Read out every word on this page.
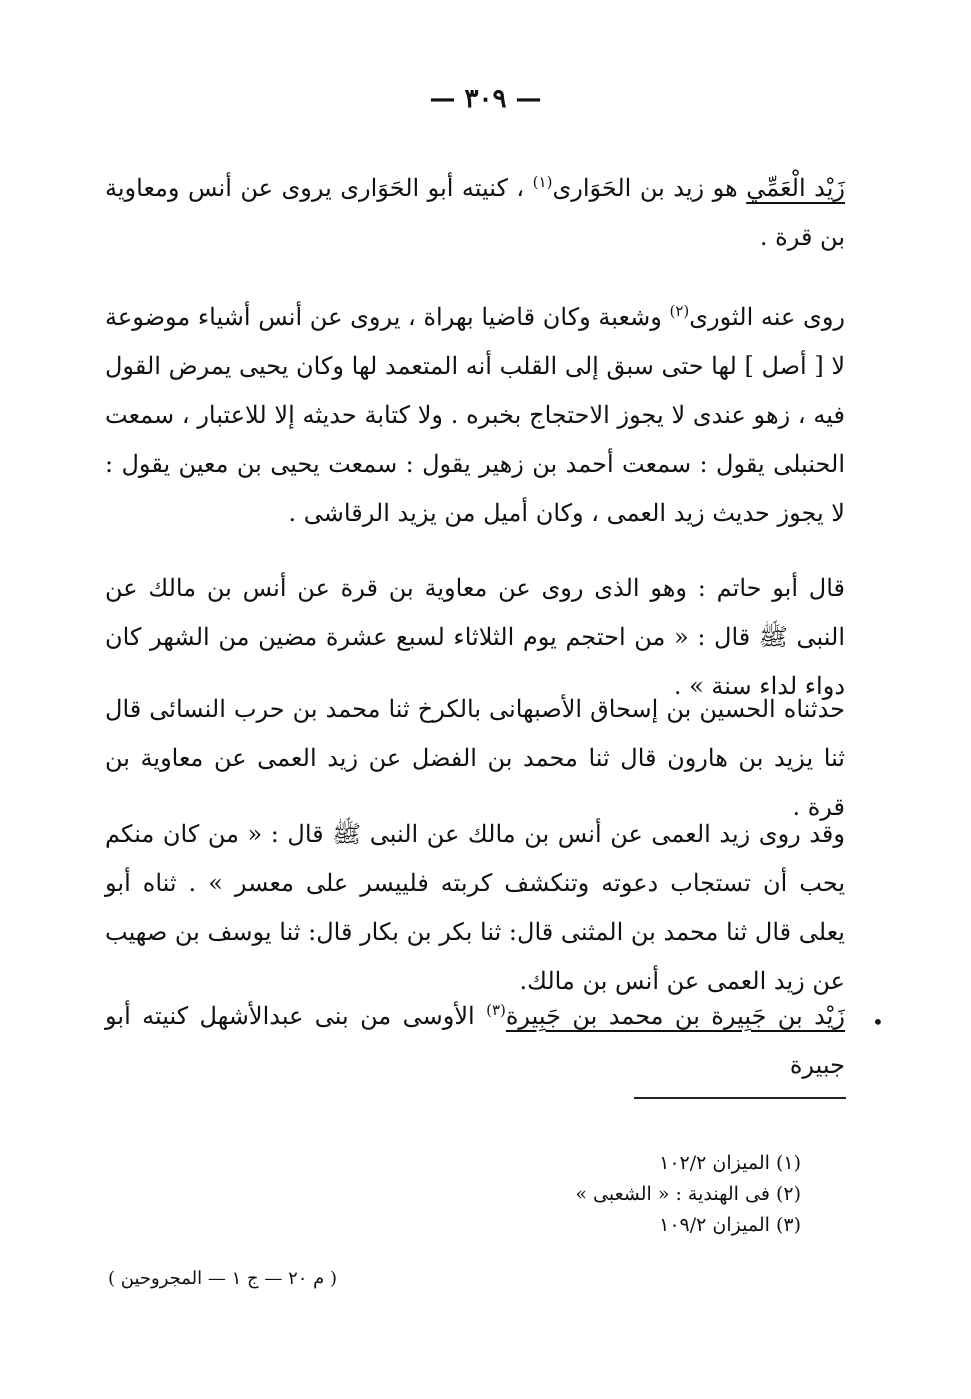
— ٣٠٩ —

زَيْد الْعَمِّي هو زيد بن الحَوَارى$^{(١)}$ ، كنيته أبو الحَوَارى يروى عن أنس ومعاوية بن قرة .

روى عنه الثورى$^{(٢)}$ وشعبة وكان قاضيا بهراة ، يروى عن أنس أشياء موضوعة لا [ أصل ] لها حتى سبق إلى القلب أنه المتعمد لها وكان يحيى يمرض القول فيه ، زهو عندى لا يجوز الاحتجاج بخبره . ولا كتابة حديثه إلا للاعتبار ، سمعت الحنبلى يقول : سمعت أحمد بن زهير يقول : سمعت يحيى بن معين يقول : لا يجوز حديث زيد العمى ، وكان أميل من يزيد الرقاشى .

قال أبو حاتم : وهو الذى روى عن معاوية بن قرة عن أنس بن مالك عن النبى ﷺ قال : « من احتجم يوم الثلاثاء لسبع عشرة مضين من الشهر كان دواء لداء سنة » .

حدثناه الحسين بن إسحاق الأصبهانى بالكرخ ثنا محمد بن حرب النسائى قال ثنا يزيد بن هارون قال ثنا محمد بن الفضل عن زيد العمى عن معاوية بن قرة .

وقد روى زيد العمى عن أنس بن مالك عن النبى ﷺ قال : « من كان منكم يحب أن تستجاب دعوته وتنكشف كربته فلييسر على معسر » . ثناه أبو يعلى قال ثنا محمد بن المثنى قال: ثنا بكر بن بكار قال: ثنا يوسف بن صهيب عن زيد العمى عن أنس بن مالك.

زَيْد بن جَبِيرة بن محمد بن جَبِيرة$^{(٣)}$ الأوسى من بنى عبدالأشهل كنيته أبو جبيرة

•
(١) الميزان ١٠٢/٢
(٢) فى الهندية : « الشعبى »
(٣) الميزان ١٠٩/٢
( م ٢٠ — ج ١ — المجروحين )
